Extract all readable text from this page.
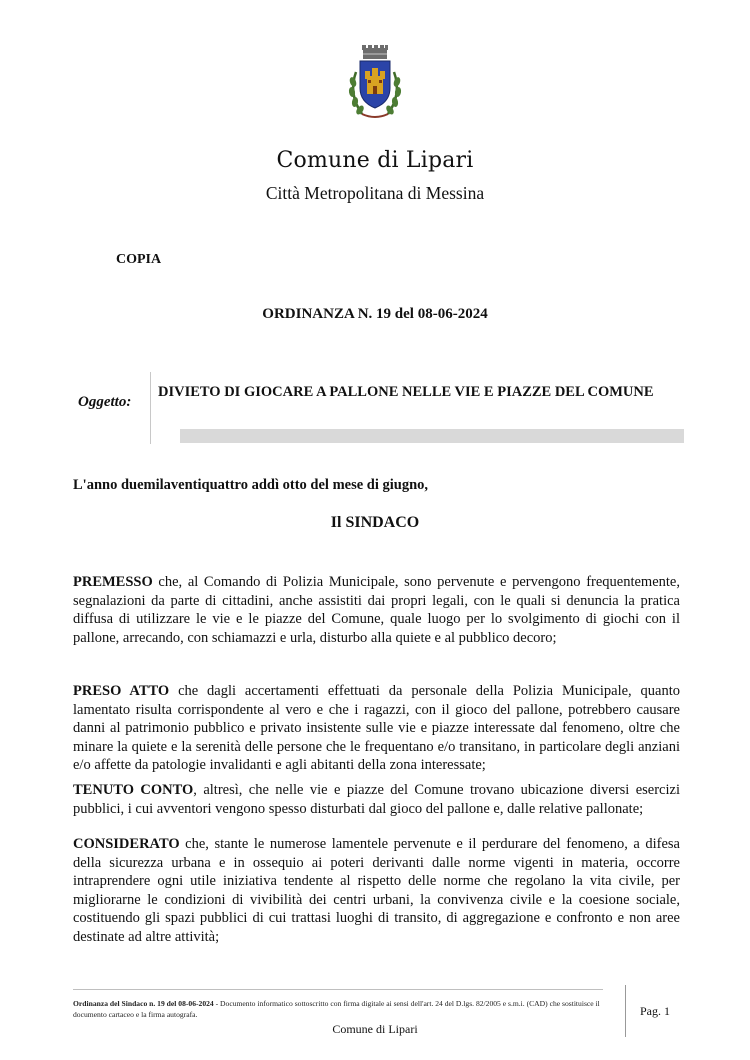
Comune di Lipari
Città Metropolitana di Messina
COPIA
ORDINANZA N. 19 del 08-06-2024
Oggetto:
DIVIETO DI GIOCARE A PALLONE NELLE VIE E PIAZZE DEL COMUNE
L'anno duemilaventiquattro addì otto del mese di giugno,
Il SINDACO

PREMESSO che, al Comando di Polizia Municipale, sono pervenute e pervengono frequentemente, segnalazioni da parte di cittadini, anche assistiti dai propri legali, con le quali si denuncia la pratica diffusa di utilizzare le vie e le piazze del Comune, quale luogo per lo svolgimento di giochi con il pallone, arrecando, con schiamazzi e urla, disturbo alla quiete e al pubblico decoro;

PRESO ATTO che dagli accertamenti effettuati da personale della Polizia Municipale, quanto lamentato risulta corrispondente al vero e che i ragazzi, con il gioco del pallone, potrebbero causare danni al patrimonio pubblico e privato insistente sulle vie e piazze interessate dal fenomeno, oltre che minare la quiete e la serenità delle persone che le frequentano e/o transitano, in particolare degli anziani e/o affette da patologie invalidanti e agli abitanti della zona interessate;

TENUTO CONTO, altresì, che nelle vie e piazze del Comune trovano ubicazione diversi esercizi pubblici, i cui avventori vengono spesso disturbati dal gioco del pallone e, dalle relative pallonate;

CONSIDERATO che, stante le numerose lamentele pervenute e il perdurare del fenomeno, a difesa della sicurezza urbana e in ossequio ai poteri derivanti dalle norme vigenti in materia, occorre intraprendere ogni utile iniziativa tendente al rispetto delle norme che regolano la vita civile, per migliorarne le condizioni di vivibilità dei centri urbani, la convivenza civile e la coesione sociale, costituendo gli spazi pubblici di cui trattasi luoghi di transito, di aggregazione e confronto e non aree destinate ad altre attività;

Ordinanza del Sindaco n. 19 del 08-06-2024 - Documento informatico sottoscritto con firma digitale ai sensi dell'art. 24 del D.lgs. 82/2005 e s.m.i. (CAD) che sostituisce il documento cartaceo e la firma autografa.	Pag. 1
Comune di Lipari
